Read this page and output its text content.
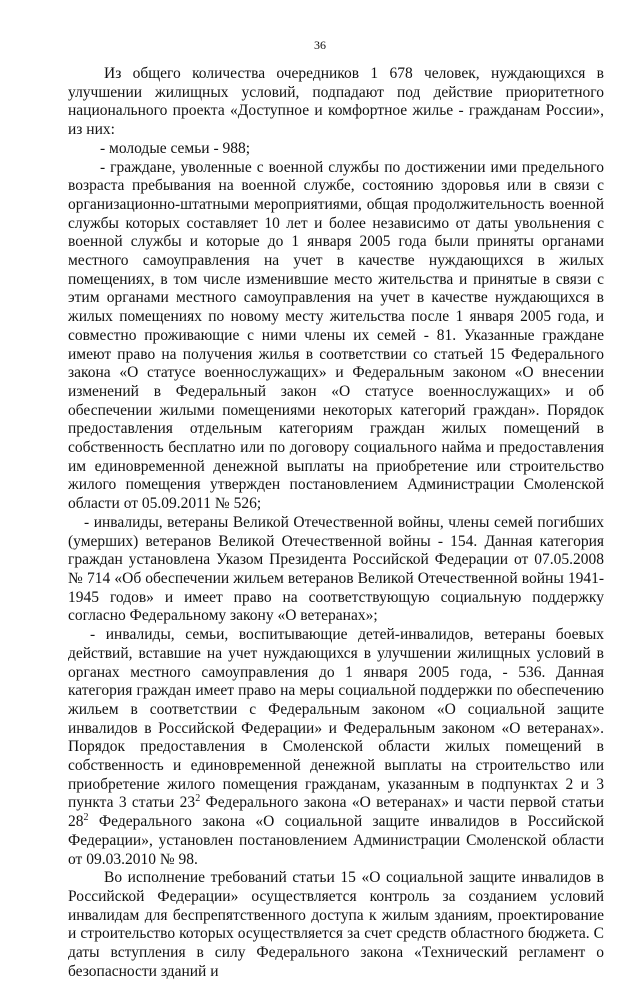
36

Из общего количества очередников 1 678 человек, нуждающихся в улучшении жилищных условий, подпадают под действие приоритетного национального проекта «Доступное и комфортное жилье - гражданам России», из них:

- молодые семьи - 988;

- граждане, уволенные с военной службы по достижении ими предельного возраста пребывания на военной службе, состоянию здоровья или в связи с организационно-штатными мероприятиями, общая продолжительность военной службы которых составляет 10 лет и более независимо от даты увольнения с военной службы и которые до 1 января 2005 года были приняты органами местного самоуправления на учет в качестве нуждающихся в жилых помещениях, в том числе изменившие место жительства и принятые в связи с этим органами местного самоуправления на учет в качестве нуждающихся в жилых помещениях по новому месту жительства после 1 января 2005 года, и совместно проживающие с ними члены их семей - 81. Указанные граждане имеют право на получения жилья в соответствии со статьей 15 Федерального закона «О статусе военнослужащих» и Федеральным законом «О внесении изменений в Федеральный закон «О статусе военнослужащих» и об обеспечении жилыми помещениями некоторых категорий граждан». Порядок предоставления отдельным категориям граждан жилых помещений в собственность бесплатно или по договору социального найма и предоставления им единовременной денежной выплаты на приобретение или строительство жилого помещения утвержден постановлением Администрации Смоленской области от 05.09.2011 № 526;

- инвалиды, ветераны Великой Отечественной войны, члены семей погибших (умерших) ветеранов Великой Отечественной войны - 154. Данная категория граждан установлена Указом Президента Российской Федерации от 07.05.2008 № 714 «Об обеспечении жильем ветеранов Великой Отечественной войны 1941-1945 годов» и имеет право на соответствующую социальную поддержку согласно Федеральному закону «О ветеранах»;

- инвалиды, семьи, воспитывающие детей-инвалидов, ветераны боевых действий, вставшие на учет нуждающихся в улучшении жилищных условий в органах местного самоуправления до 1 января 2005 года, - 536. Данная категория граждан имеет право на меры социальной поддержки по обеспечению жильем в соответствии с Федеральным законом «О социальной защите инвалидов в Российской Федерации» и Федеральным законом «О ветеранах». Порядок предоставления в Смоленской области жилых помещений в собственность и единовременной денежной выплаты на строительство или приобретение жилого помещения гражданам, указанным в подпунктах 2 и 3 пункта 3 статьи $23^2$ Федерального закона «О ветеранах» и части первой статьи $28^2$ Федерального закона «О социальной защите инвалидов в Российской Федерации», установлен постановлением Администрации Смоленской области от 09.03.2010 № 98.

Во исполнение требований статьи 15 «О социальной защите инвалидов в Российской Федерации» осуществляется контроль за созданием условий инвалидам для беспрепятственного доступа к жилым зданиям, проектирование и строительство которых осуществляется за счет средств областного бюджета. С даты вступления в силу Федерального закона «Технический регламент о безопасности зданий и
